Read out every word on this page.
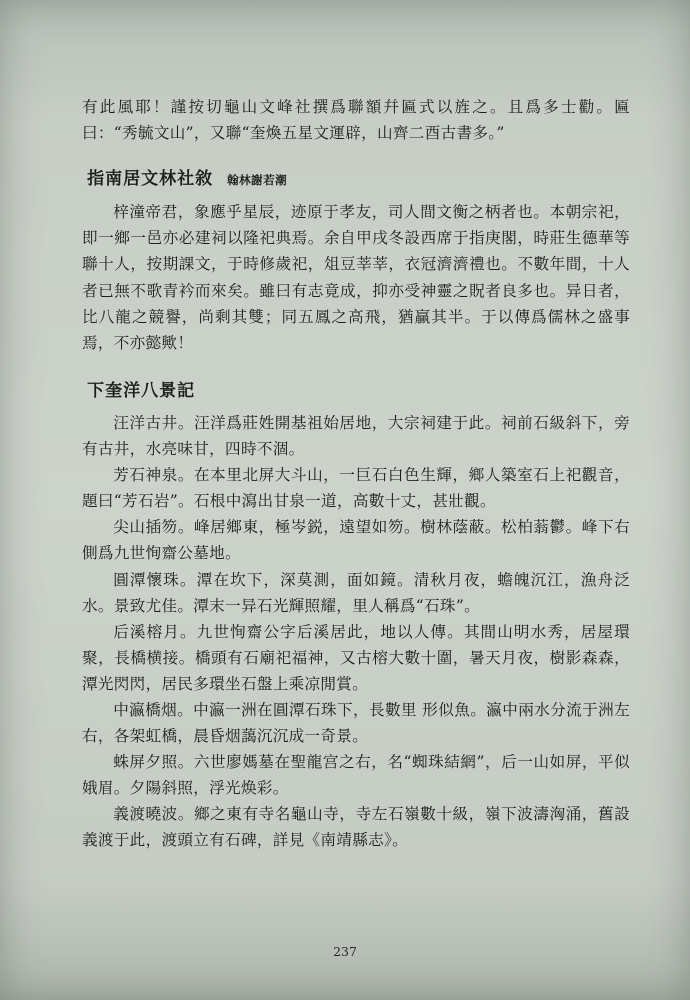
有此風耶！謹按切龜山文峰社撰爲聯額幷匾式以旌之。且爲多士勸。匾曰：“秀毓文山”，又聯“奎煥五星文運辟，山齊二酉古書多。”

指南居文林社敘 翰林謝若潮

梓潼帝君，象應乎星辰，迹原于孝友，司人間文衡之柄者也。本朝宗祀，即一鄉一邑亦必建祠以隆祀典焉。余自甲戌冬設西席于指庚閣，時莊生德華等聯十人，按期課文，于時修歲祀，俎豆莘莘，衣冠濟濟禮也。不數年間，十人者已無不歌青衿而來矣。雖曰有志竟成，抑亦受神靈之貺者良多也。异日者，比八龍之競譽，尚剩其雙；同五鳳之高飛，猶贏其半。于以傳爲儒林之盛事焉，不亦懿歟！

下奎洋八景記

汪洋古井。汪洋爲莊姓開基祖始居地，大宗祠建于此。祠前石級斜下，旁有古井，水亮味甘，四時不涸。

芳石神泉。在本里北屏大斗山，一巨石白色生輝，鄉人築室石上祀觀音，題曰“芳石岩”。石根中瀉出甘泉一道，高數十丈，甚壯觀。

尖山插笏。峰居鄉東，極岑鋭，遠望如笏。樹林蔭蔽。松柏蓊鬱。峰下右側爲九世恂齋公墓地。

圓潭懷珠。潭在坎下，深莫測，面如鏡。清秋月夜，蟾魄沉江，漁舟泛水。景致尤佳。潭末一异石光輝照耀，里人稱爲“石珠”。

后溪榕月。九世恂齋公字后溪居此，地以人傳。其間山明水秀，居屋環聚，長橋横接。橋頭有石廟祀福神，又古榕大數十圍，暑天月夜，樹影森森，潭光閃閃，居民多環坐石盤上乘凉閒賞。

中瀛橋烟。中瀛一洲在圓潭石珠下，長數里 形似魚。瀛中兩水分流于洲左右，各架虹橋，晨昏烟藹沉沉成一奇景。

蛛屏夕照。六世廖媽墓在聖龍宫之右，名“蜘珠結網”，后一山如屏，平似娥眉。夕陽斜照，浮光焕彩。

義渡曉波。鄉之東有寺名龜山寺，寺左石嶺數十級，嶺下波濤洶涌，舊設義渡于此，渡頭立有石碑，詳見《南靖縣志》。

237
